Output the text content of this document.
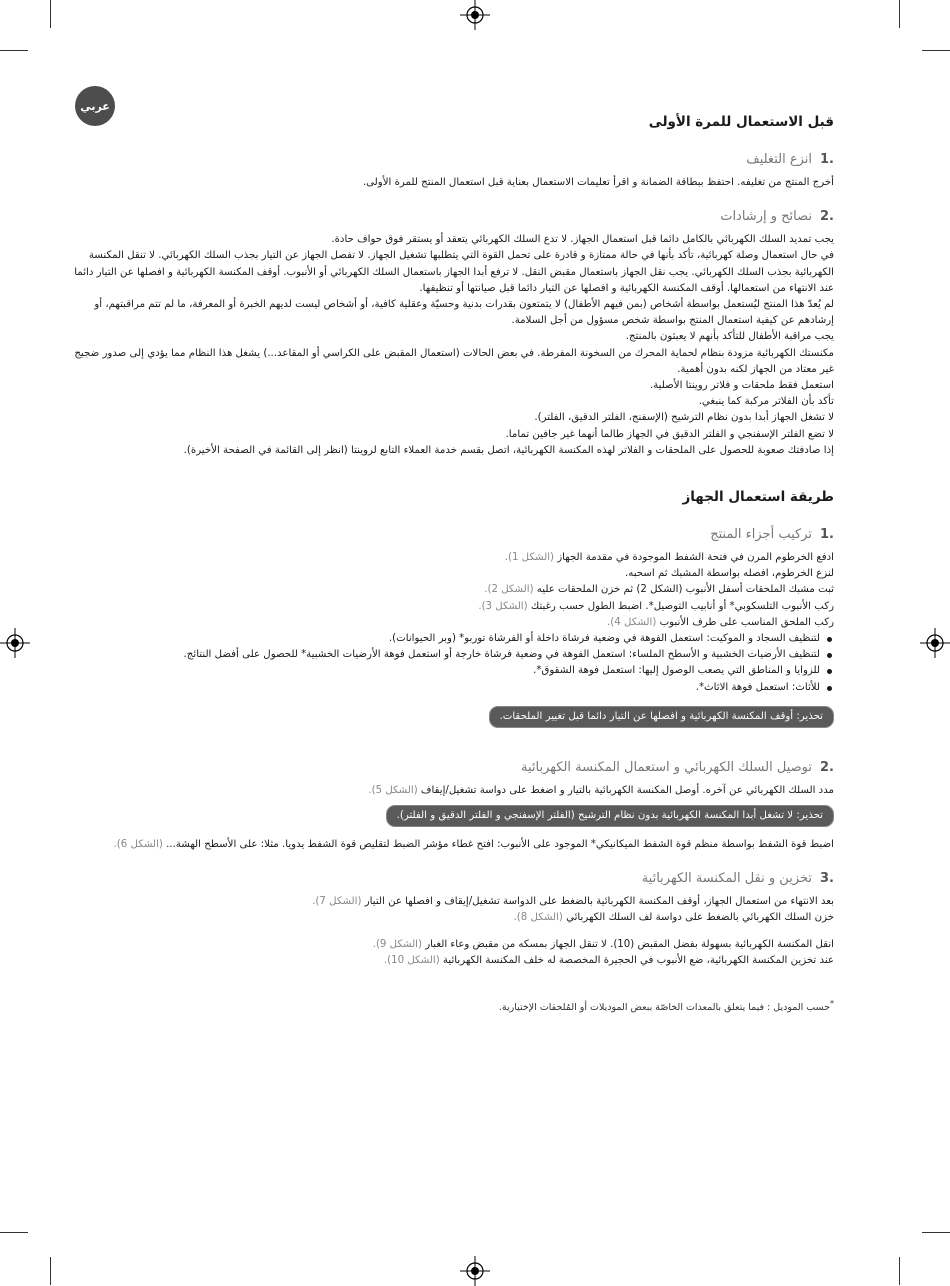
عربي
قبل الاستعمال للمرة الأولى
.1انزع التغليف

أخرج المنتج من تغليفه. احتفظ ببطاقة الضمانة و اقرأ تعليمات الاستعمال بعناية قبل استعمال المنتج للمرة الأولى.

.2نصائح و إرشادات

يجب تمديد السلك الكهربائي بالكامل دائما قبل استعمال الجهاز. لا تدع السلك الكهربائي يتعقد أو يستقر فوق حواف حادة.

في حال استعمال وصلة كهربائية، تأكد بأنها في حالة ممتازة و قادرة على تحمل القوة التي يتطلبها تشغيل الجهاز. لا تفصل الجهاز عن التيار بجذب السلك الكهربائي. لا تنقل المكنسة الكهربائية بجذب السلك الكهربائي. يجب نقل الجهاز باستعمال مقبض النقل. لا ترفع أبدا الجهاز باستعمال السلك الكهربائي أو الأنبوب. أوقف المكنسة الكهربائية و افصلها عن التيار دائما عند الانتهاء من استعمالها. أوقف المكنسة الكهربائية و افصلها عن التيار دائما قبل صيانتها أو تنظيفها.

لم يُعدّ هذا المنتج ليُستعمل بواسطة أشخاص (بمن فيهم الأطفال) لا يتمتعون بقدرات بدنية وحسيّة وعقلية كافية، أو أشخاص ليست لديهم الخبرة أو المعرفة، ما لم تتم مراقبتهم، أو إرشادهم عن كيفية استعمال المنتج بواسطة شخص مسؤول من أجل السلامة.

يجب مراقبة الأطفال للتأكد بأنهم لا يعبثون بالمنتج.

مكنستك الكهربائية مزودة بنظام لحماية المحرك من السخونة المفرطة. في بعض الحالات (استعمال المقبض على الكراسي أو المقاعد...) يشغل هذا النظام مما يؤدي إلى صدور ضجيج غير معتاد من الجهاز لكنه بدون أهمية.

استعمل فقط ملحقات و فلاتر روينتا الأصلية.

تأكد بأن الفلاتر مركبة كما ينبغي.

لا تشغل الجهاز أبدا بدون نظام الترشيح (الإسفنج، الفلتر الدقيق، الفلتر).

لا تضع الفلتر الإسفنجي و الفلتر الدقيق في الجهاز طالما أنهما غير جافين تماما.

إذا صادفتك صعوبة للحصول على الملحقات و الفلاتر لهذه المكنسة الكهربائية، اتصل بقسم خدمة العملاء التابع لروينتا (انظر إلى القائمة في الصفحة الأخيرة).

طريقة استعمال الجهاز
.1تركيب أجزاء المنتج

ادفع الخرطوم المرن في فتحة الشفط الموجودة في مقدمة الجهاز (الشكل 1).

لنزع الخرطوم، افصله بواسطة المشبك ثم اسحبه.

ثبت مشبك الملحقات أسفل الأنبوب (الشكل 2) ثم خزن الملحقات عليه (الشكل 2).

ركب الأنبوب التلسكوبي* أو أنابيب التوصيل*. اضبط الطول حسب رغبتك (الشكل 3).

ركب الملحق المناسب على طرف الأنبوب (الشكل 4).

لتنظيف السجاد و الموكيت: استعمل الفوهة في وضعية فرشاة داخلة أو الفرشاة توربو* (وبر الحيوانات).
لتنظيف الأرضيات الخشبية و الأسطح الملساء: استعمل الفوهة في وضعية فرشاة خارجة أو استعمل فوهة الأرضيات الخشبية* للحصول على أفضل النتائج.
للزوايا و المناطق التي يصعب الوصول إليها: استعمل فوهة الشقوق*.
للأثاث: استعمل فوهة الاثاث*.
تحذير: أوقف المكنسة الكهربائية و افصلها عن التيار دائما قبل تغيير الملحقات.
.2توصيل السلك الكهربائي و استعمال المكنسة الكهربائية

مدد السلك الكهربائي عن آخره. أوصل المكنسة الكهربائية بالتيار و اضغط على دواسة تشغيل/إيقاف (الشكل 5).

تحذير: لا تشغل أبدا المكنسة الكهربائية بدون نظام الترشيح (الفلتر الإسفنجي و الفلتر الدقيق و الفلتر).

اضبط قوة الشفط بواسطة منظم قوة الشفط الميكانيكي* الموجود على الأنبوب: افتح غطاء مؤشر الضبط لتقليص قوة الشفط يدويا. مثلا: على الأسطح الهشة... (الشكل 6).

.3تخزين و نقل المكنسة الكهربائية

بعد الانتهاء من استعمال الجهاز، أوقف المكنسة الكهربائية بالضغط على الدواسة تشغيل/إيقاف و افصلها عن التيار (الشكل 7).

خزن السلك الكهربائي بالضغط على دواسة لف السلك الكهربائي (الشكل 8).

انقل المكنسة الكهربائية بسهولة بفضل المقبض (10). لا تنقل الجهاز بمسكه من مقبض وعاء الغبار (الشكل 9).

عند تخزين المكنسة الكهربائية، ضع الأنبوب في الحجيرة المخصصة له خلف المكنسة الكهربائية (الشكل 10).

*حسب الموديل : فيما يتعلق بالمعدات الخاصّة ببعض الموديلات أو المُلحقات الإختيارية.
